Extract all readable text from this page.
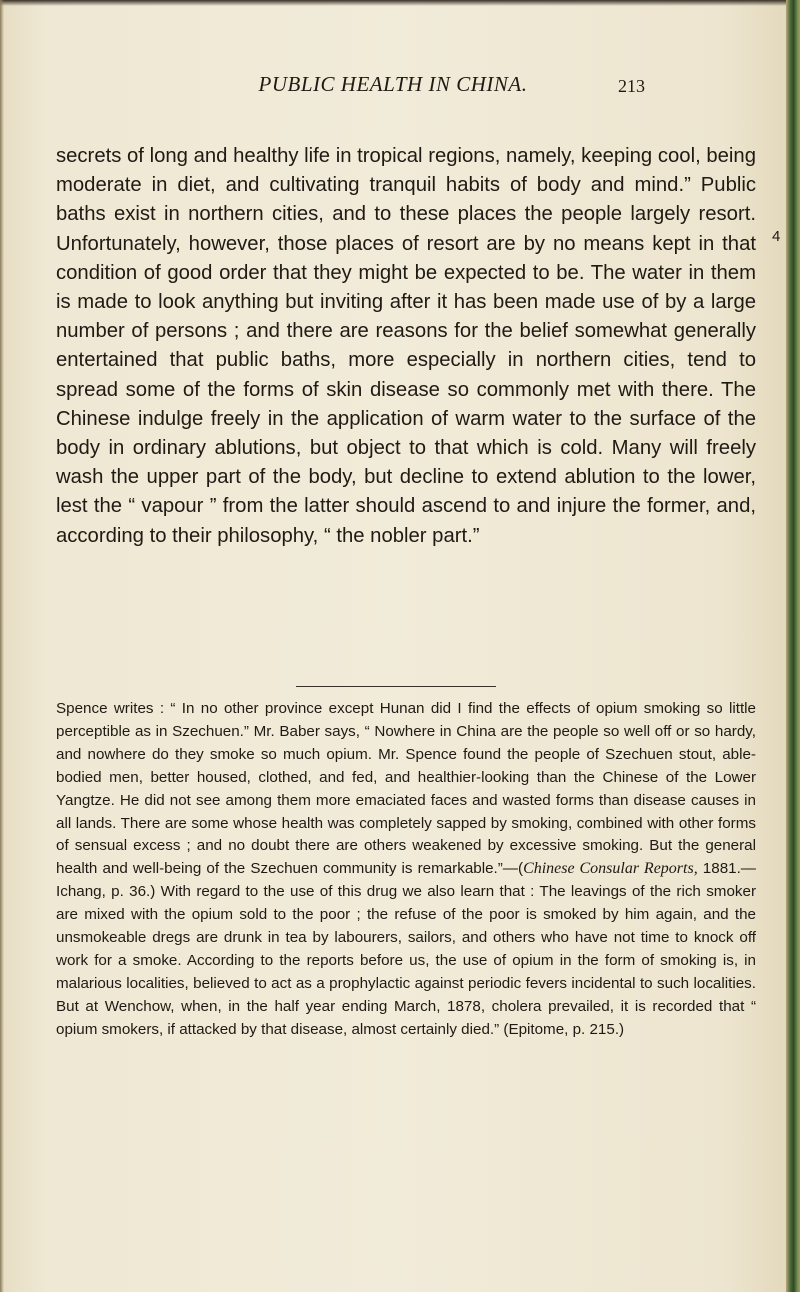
PUBLIC HEALTH IN CHINA.	213

secrets of long and healthy life in tropical regions, namely, keeping cool, being moderate in diet, and cultivating tranquil habits of body and mind.” Public baths exist in northern cities, and to these places the people largely resort. Unfortunately, however, those places of resort are by no means kept in that condition of good order that they might be expected to be. The water in them is made to look anything but inviting after it has been made use of by a large number of persons ; and there are reasons for the belief somewhat generally entertained that public baths, more especially in northern cities, tend to spread some of the forms of skin disease so commonly met with there. The Chinese indulge freely in the application of warm water to the surface of the body in ordinary ablutions, but object to that which is cold. Many will freely wash the upper part of the body, but decline to extend ablution to the lower, lest the “ vapour ” from the latter should ascend to and injure the former, and, according to their philosophy, “ the nobler part.”

Spence writes : “ In no other province except Hunan did I find the effects of opium smoking so little perceptible as in Szechuen.” Mr. Baber says, “ Nowhere in China are the people so well off or so hardy, and nowhere do they smoke so much opium. Mr. Spence found the people of Szechuen stout, able-bodied men, better housed, clothed, and fed, and healthier-looking than the Chinese of the Lower Yangtze. He did not see among them more emaciated faces and wasted forms than disease causes in all lands. There are some whose health was completely sapped by smoking, combined with other forms of sensual excess ; and no doubt there are others weakened by excessive smoking. But the general health and well-being of the Szechuen community is remarkable.”—(Chinese Consular Reports, 1881.—Ichang, p. 36.) With regard to the use of this drug we also learn that : The leavings of the rich smoker are mixed with the opium sold to the poor ; the refuse of the poor is smoked by him again, and the unsmokeable dregs are drunk in tea by labourers, sailors, and others who have not time to knock off work for a smoke. According to the reports before us, the use of opium in the form of smoking is, in malarious localities, believed to act as a prophylactic against periodic fevers incidental to such localities. But at Wenchow, when, in the half year ending March, 1878, cholera prevailed, it is recorded that “ opium smokers, if attacked by that disease, almost certainly died.” (Epitome, p. 215.)

4
